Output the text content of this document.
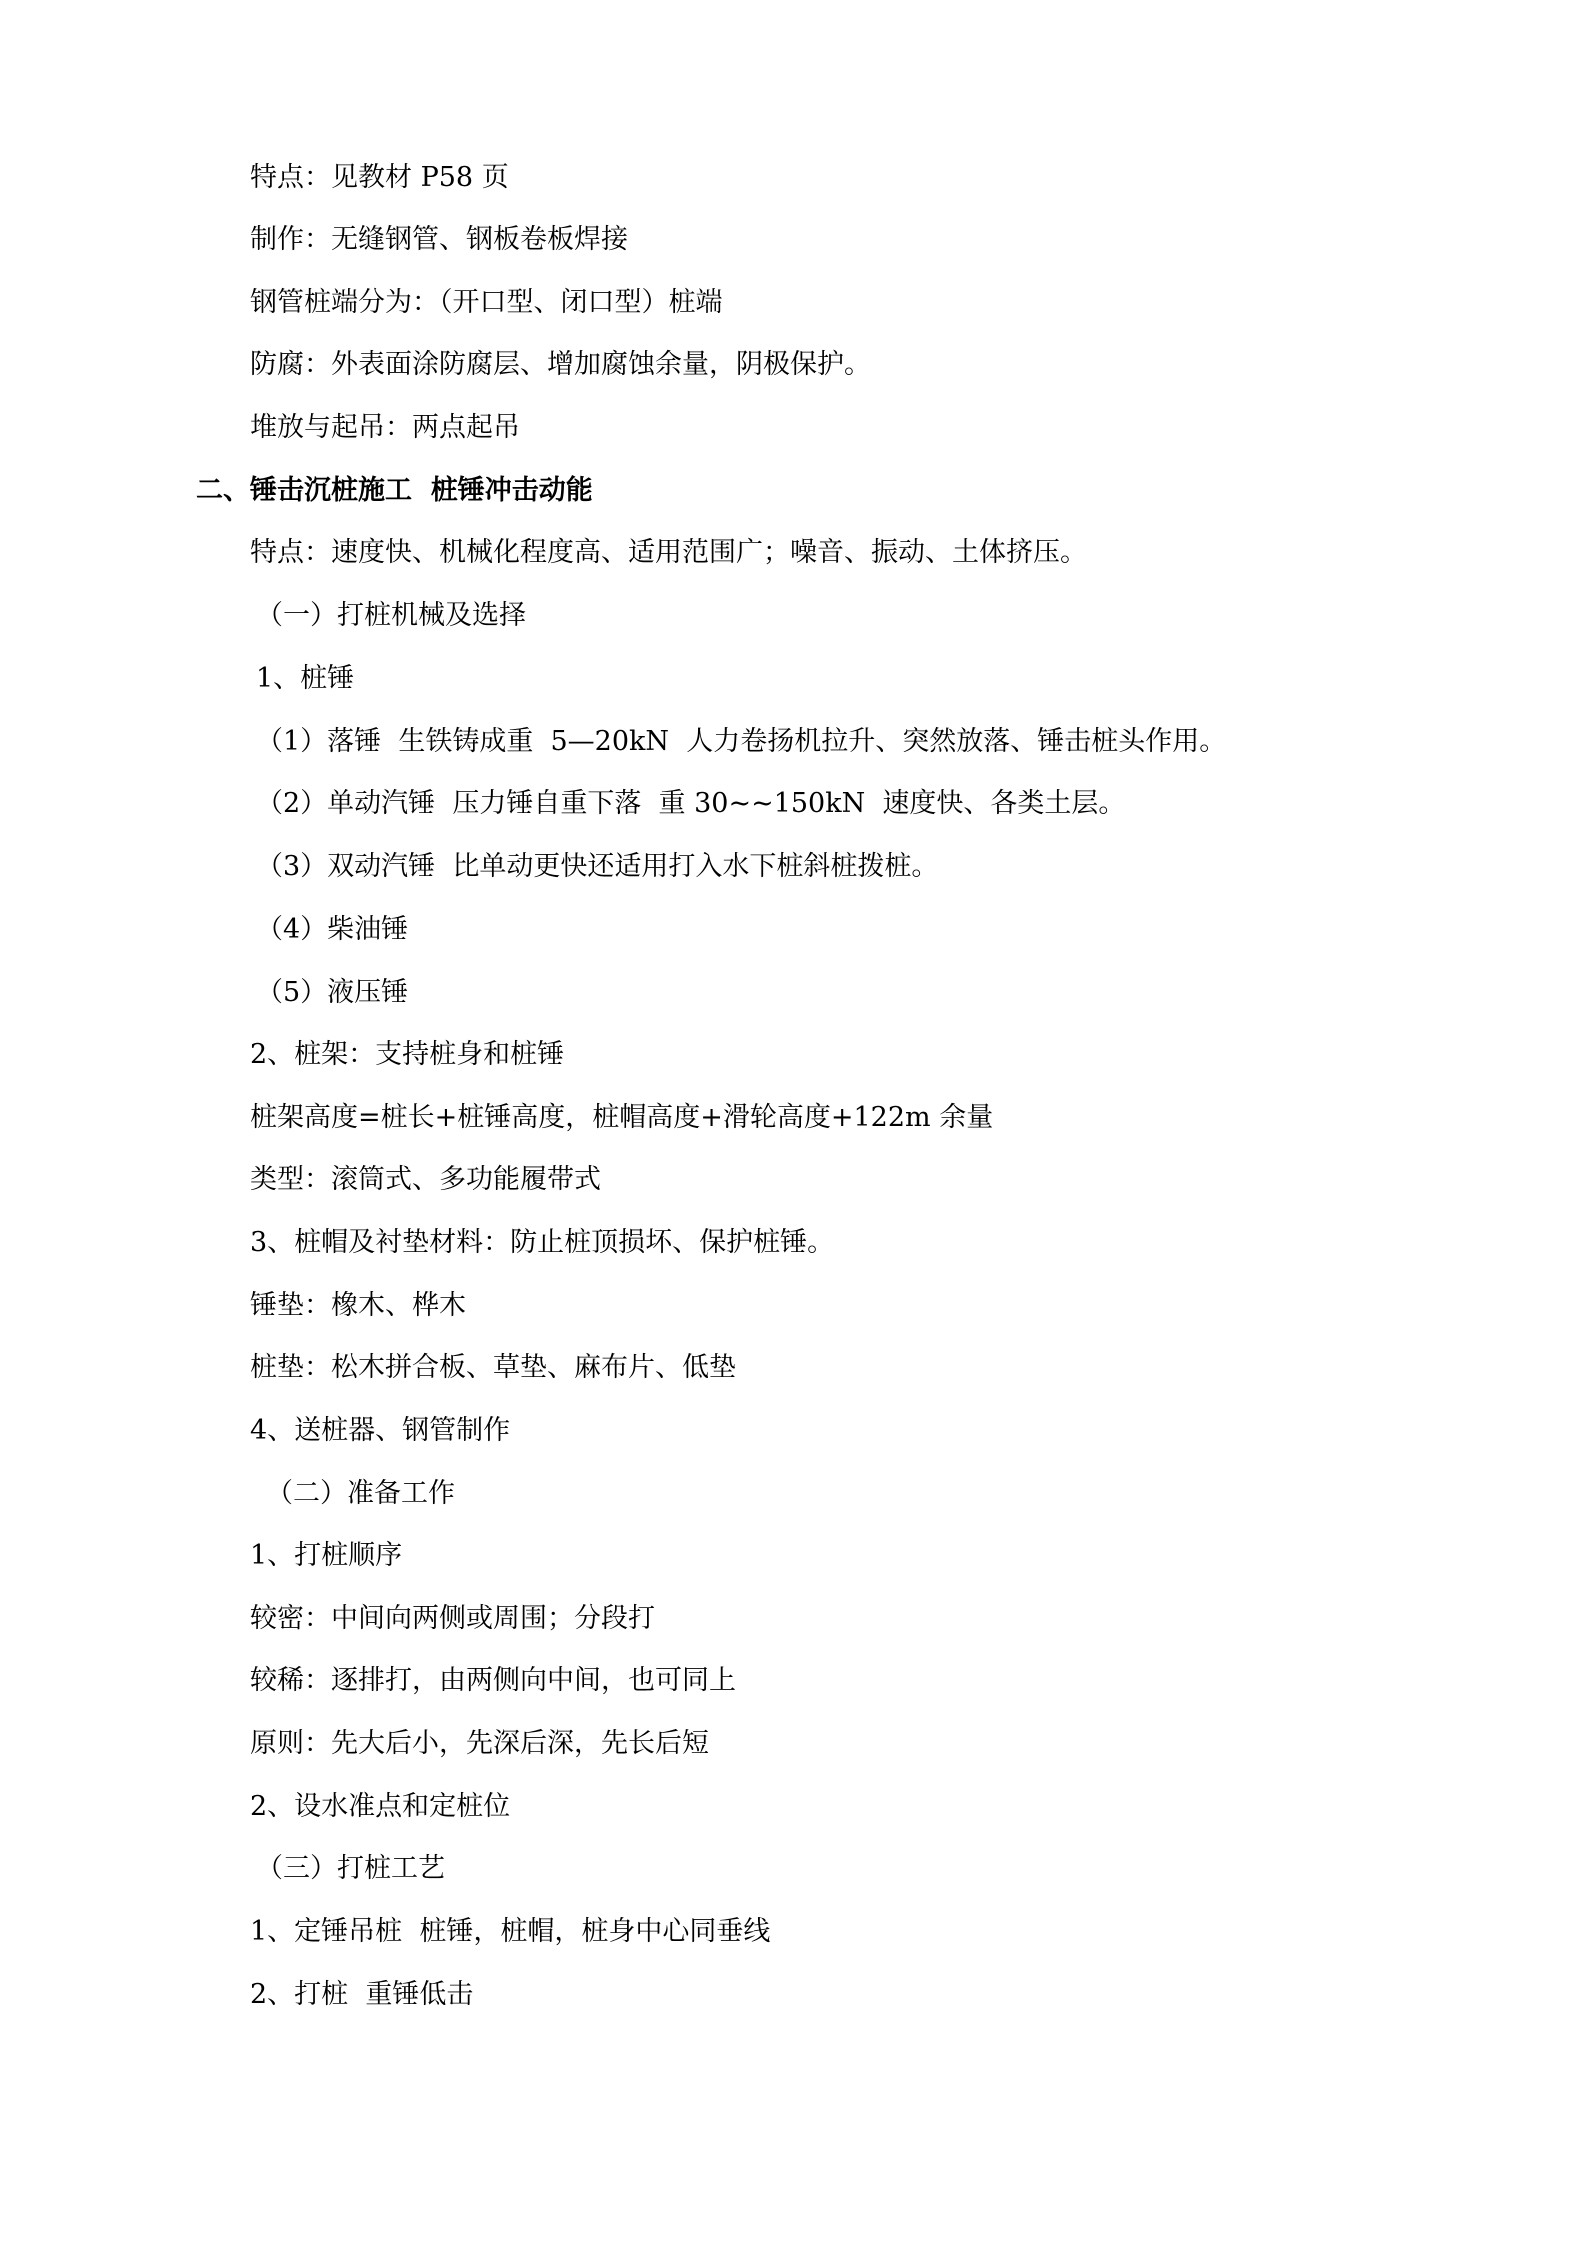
特点：见教材 P58 页
制作：无缝钢管、钢板卷板焊接
钢管桩端分为：（开口型、闭口型）桩端
防腐：外表面涂防腐层、增加腐蚀余量，阴极保护。
堆放与起吊：两点起吊
二、锤击沉桩施工  桩锤冲击动能
特点：速度快、机械化程度高、适用范围广；噪音、振动、土体挤压。
（一）打桩机械及选择
1、桩锤
（1）落锤  生铁铸成重  5—20kN  人力卷扬机拉升、突然放落、锤击桩头作用。
（2）单动汽锤  压力锤自重下落  重 30~~150kN  速度快、各类土层。
（3）双动汽锤  比单动更快还适用打入水下桩斜桩拨桩。
（4）柴油锤
（5）液压锤
2、桩架：支持桩身和桩锤
桩架高度=桩长+桩锤高度，桩帽高度+滑轮高度+122m 余量
类型：滚筒式、多功能履带式
3、桩帽及衬垫材料：防止桩顶损坏、保护桩锤。
锤垫：橡木、桦木
桩垫：松木拼合板、草垫、麻布片、低垫
4、送桩器、钢管制作
（二）准备工作
1、打桩顺序
较密：中间向两侧或周围；分段打
较稀：逐排打，由两侧向中间，也可同上
原则：先大后小，先深后深，先长后短
2、设水准点和定桩位
（三）打桩工艺
1、定锤吊桩  桩锤，桩帽，桩身中心同垂线
2、打桩  重锤低击
